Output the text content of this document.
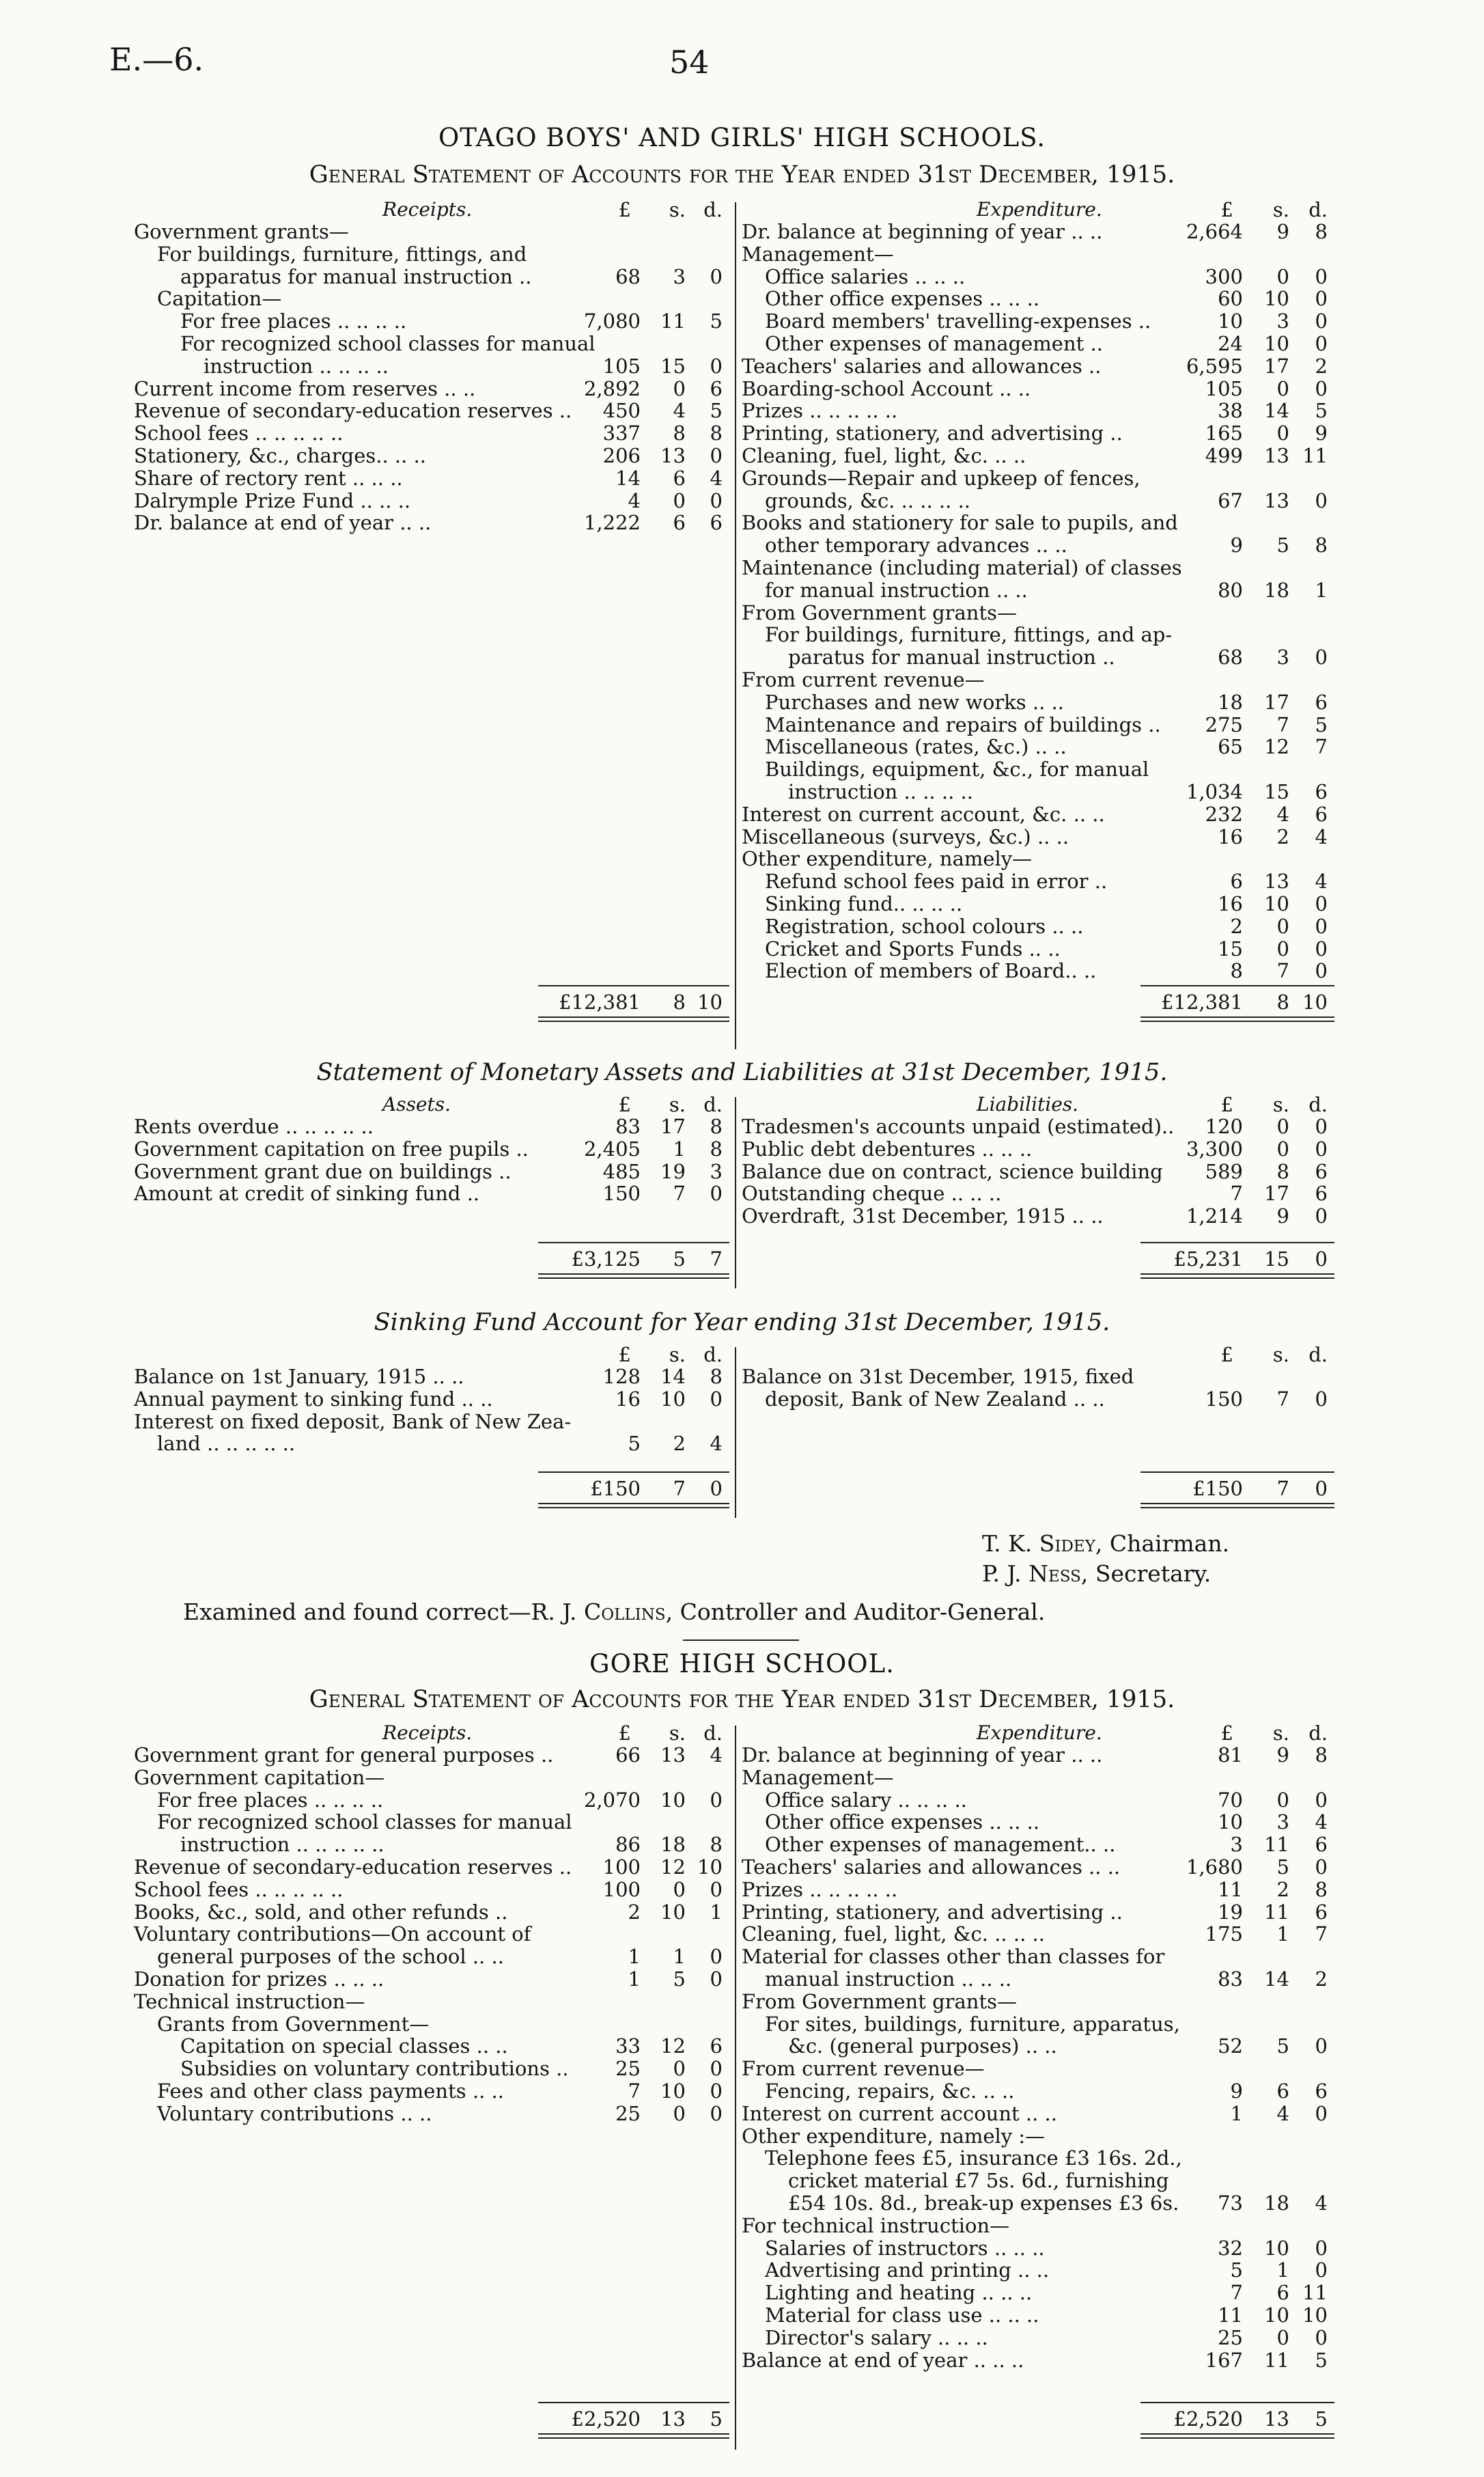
E.—6.	54
OTAGO BOYS' AND GIRLS' HIGH SCHOOLS.
General Statement of Accounts for the Year ended 31st December, 1915.
Receipts.	Expenditure.
£ s. d.	£ s. d.
Government grants—
For buildings, furniture, fittings, and
apparatus for manual instruction ..	68 3 0
Capitation—
For free places .. .. .. ..	7,080 11 5
For recognized school classes for manual
instruction .. .. .. ..	105 15 0
Current income from reserves .. ..	2,892 0 6
Revenue of secondary-education reserves .. 450 4 5
School fees .. .. .. .. ..	337 8 8
Stationery, &c., charges.. .. ..	206 13 0
Share of rectory rent .. .. ..	14 6 4
Dalrymple Prize Fund .. .. ..	4 0 0
Dr. balance at end of year .. ..	1,222 6 6
Dr. balance at beginning of year .. ..	2,664 9 8
Management—
Office salaries .. .. ..	300 0 0
Other office expenses .. .. ..	60 10 0
Board members' travelling-expenses ..	10 3 0
Other expenses of management ..	24 10 0
Teachers' salaries and allowances ..	6,595 17 2
Boarding-school Account .. ..	105 0 0
Prizes .. .. .. .. ..	38 14 5
Printing, stationery, and advertising ..	165 0 9
Cleaning, fuel, light, &c. .. ..	499 13 11
Grounds—Repair and upkeep of fences,
grounds, &c. .. .. .. ..	67 13 0
Books and stationery for sale to pupils, and
other temporary advances .. ..	9 5 8
Maintenance (including material) of classes
for manual instruction .. ..	80 18 1
From Government grants—
For buildings, furniture, fittings, and ap-
paratus for manual instruction ..	68 3 0
From current revenue—
Purchases and new works .. ..	18 17 6
Maintenance and repairs of buildings .. 275 7 5
Miscellaneous (rates, &c.) .. ..	65 12 7
Buildings, equipment, &c., for manual
instruction .. .. .. ..	1,034 15 6
Interest on current account, &c. .. ..	232 4 6
Miscellaneous (surveys, &c.) .. ..	16 2 4
Other expenditure, namely—
Refund school fees paid in error ..	6 13 4
Sinking fund.. .. .. ..	16 10 0
Registration, school colours .. ..	2 0 0
Cricket and Sports Funds .. ..	15 0 0
Election of members of Board.. ..	8 7 0
£12,381 8 10	£12,381 8 10
Statement of Monetary Assets and Liabilities at 31st December, 1915.
Assets.	Liabilities.
£ s. d.	£ s. d.
Rents overdue .. .. .. .. ..	83 17 8
Government capitation on free pupils ..	2,405 1 8
Government grant due on buildings ..	485 19 3
Amount at credit of sinking fund ..	150 7 0
Tradesmen's accounts unpaid (estimated).. 120 0 0
Public debt debentures .. .. ..	3,300 0 0
Balance due on contract, science building 589 8 6
Outstanding cheque .. .. ..	7 17 6
Overdraft, 31st December, 1915 .. ..	1,214 9 0
£3,125 5 7	£5,231 15 0
Sinking Fund Account for Year ending 31st December, 1915.
£ s. d.	£ s. d.
Balance on 1st January, 1915 .. ..	128 14 8
Annual payment to sinking fund .. ..	16 10 0
Interest on fixed deposit, Bank of New Zea-
land .. .. .. .. ..	5 2 4
Balance on 31st December, 1915, fixed
deposit, Bank of New Zealand .. ..	150 7 0
£150 7 0	£150 7 0
T. K. Sidey, Chairman.
P. J. Ness, Secretary.
Examined and found correct—R. J. Collins, Controller and Auditor-General.
GORE HIGH SCHOOL.
General Statement of Accounts for the Year ended 31st December, 1915.
Receipts.	Expenditure.
£ s. d.	£ s. d.
Government grant for general purposes ..	66 13 4
Government capitation—
For free places .. .. .. ..	2,070 10 0
For recognized school classes for manual
instruction .. .. .. .. ..	86 18 8
Revenue of secondary-education reserves .. 100 12 10
School fees .. .. .. .. ..	100 0 0
Books, &c., sold, and other refunds ..	2 10 1
Voluntary contributions—On account of
general purposes of the school .. ..	1 1 0
Donation for prizes .. .. ..	1 5 0
Technical instruction—
Grants from Government—
Capitation on special classes .. ..	33 12 6
Subsidies on voluntary contributions .. 25 0 0
Fees and other class payments .. ..	7 10 0
Voluntary contributions .. ..	25 0 0
Dr. balance at beginning of year .. ..	81 9 8
Management—
Office salary .. .. .. ..	70 0 0
Other office expenses .. .. ..	10 3 4
Other expenses of management.. ..	3 11 6
Teachers' salaries and allowances .. ..	1,680 5 0
Prizes .. .. .. .. ..	11 2 8
Printing, stationery, and advertising ..	19 11 6
Cleaning, fuel, light, &c. .. .. ..	175 1 7
Material for classes other than classes for
manual instruction .. .. ..	83 14 2
From Government grants—
For sites, buildings, furniture, apparatus,
&c. (general purposes) .. ..	52 5 0
From current revenue—
Fencing, repairs, &c. .. ..	9 6 6
Interest on current account .. ..	1 4 0
Other expenditure, namely :—
Telephone fees £5, insurance £3 16s. 2d.,
cricket material £7 5s. 6d., furnishing
£54 10s. 8d., break-up expenses £3 6s. 73 18 4
For technical instruction—
Salaries of instructors .. .. ..	32 10 0
Advertising and printing .. ..	5 1 0
Lighting and heating .. .. ..	7 6 11
Material for class use .. .. ..	11 10 10
Director's salary .. .. ..	25 0 0
Balance at end of year .. .. ..	167 11 5
£2,520 13 5	£2,520 13 5
